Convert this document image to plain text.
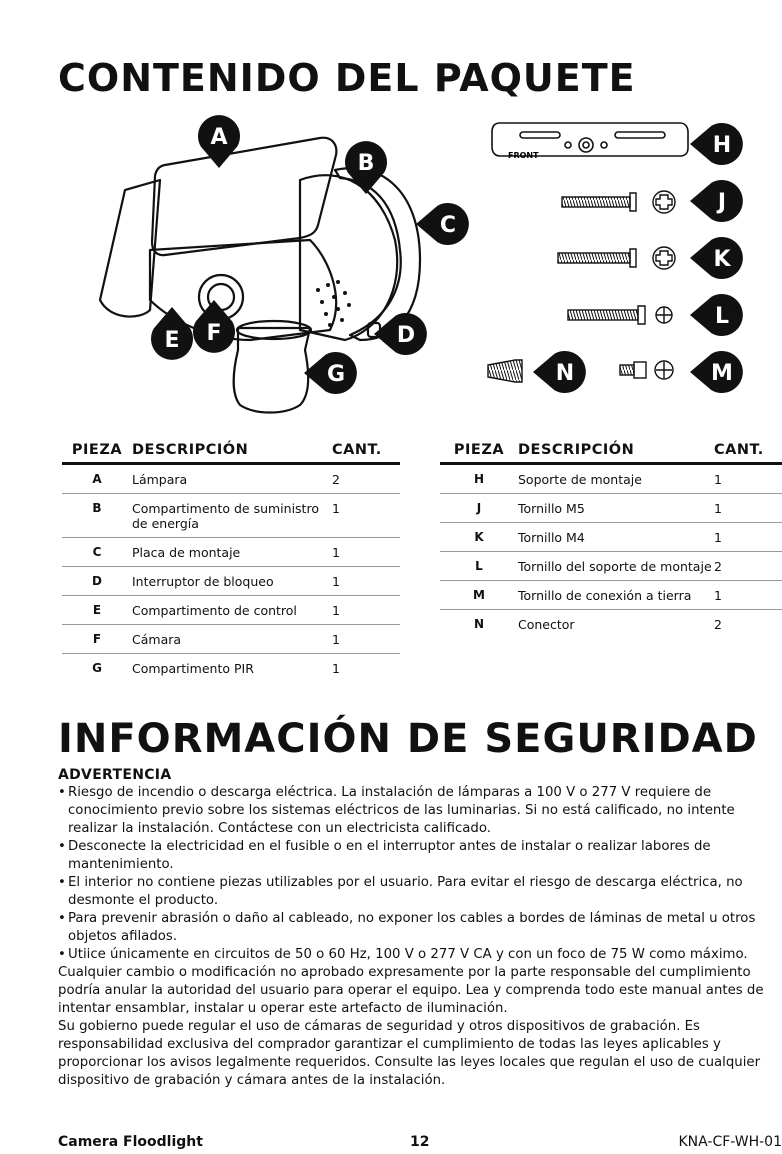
CONTENIDO DEL PAQUETE
FRONT
A
B
C
D
E F
G
H
J
K
L
M
N
PIEZA	DESCRIPCIÓN	CANT.
A	Lámpara	2
B	Compartimento de suministro de energía	1
C	Placa de montaje	1
D	Interruptor de bloqueo	1
E	Compartimento de control	1
F	Cámara	1
G	Compartimento PIR	1
PIEZA	DESCRIPCIÓN	CANT.
H	Soporte de montaje	1
J	Tornillo M5	1
K	Tornillo M4	1
L	Tornillo del soporte de montaje	2
M	Tornillo de conexión a tierra	1
N	Conector	2
INFORMACIÓN DE SEGURIDAD
ADVERTENCIA
• Riesgo de incendio o descarga eléctrica. La instalación de lámparas a 100 V o 277 V requiere de conocimiento previo sobre los sistemas eléctricos de las luminarias. Si no está calificado, no intente realizar la instalación. Contáctese con un electricista calificado.
• Desconecte la electricidad en el fusible o en el interruptor antes de instalar o realizar labores de mantenimiento.
• El interior no contiene piezas utilizables por el usuario. Para evitar el riesgo de descarga eléctrica, no desmonte el producto.
• Para prevenir abrasión o daño al cableado, no exponer los cables a bordes de láminas de metal u otros objetos afilados.
• Utiice únicamente en circuitos de 50 o 60 Hz, 100 V o 277 V CA y con un foco de 75 W como máximo.

Cualquier cambio o modificación no aprobado expresamente por la parte responsable del cumplimiento podría anular la autoridad del usuario para operar el equipo. Lea y comprenda todo este manual antes de intentar ensamblar, instalar u operar este artefacto de iluminación.

Su gobierno puede regular el uso de cámaras de seguridad y otros dispositivos de grabación. Es responsabilidad exclusiva del comprador garantizar el cumplimiento de todas las leyes aplicables y proporcionar los avisos legalmente requeridos. Consulte las leyes locales que regulan el uso de cualquier dispositivo de grabación y cámara antes de la instalación.

Camera Floodlight	12	KNA-CF-WH-01
